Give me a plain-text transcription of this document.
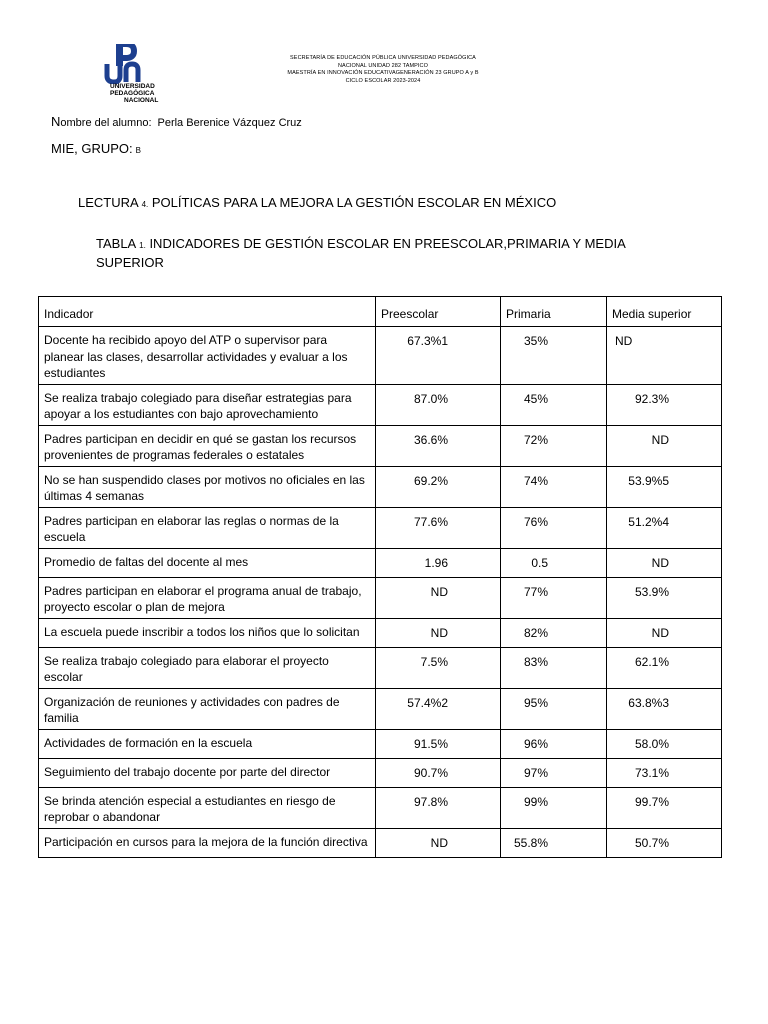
UNIVERSIDAD
PEDAGÓGICA
NACIONAL
SECRETARÍA DE EDUCACIÓN PÚBLICA UNIVERSIDAD PEDAGÓGICA
NACIONAL UNIDAD 282 TAMPICO
MAESTRÍA EN INNOVACIÓN EDUCATIVAGENERACIÓN 23 GRUPO A y B
CICLO ESCOLAR 2023-2024
Nombre del alumno: Perla Berenice Vázquez Cruz
MIE, GRUPO: B
LECTURA 4. POLÍTICAS PARA LA MEJORA LA GESTIÓN ESCOLAR EN MÉXICO
TABLA 1. INDICADORES DE GESTIÓN ESCOLAR EN PREESCOLAR,PRIMARIA Y MEDIA SUPERIOR
Indicador	Preescolar	Primaria	Media superior
Docente ha recibido apoyo del ATP o supervisor para planear las clases, desarrollar actividades y evaluar a los estudiantes	67.3%1	35%	ND
Se realiza trabajo colegiado para diseñar estrategias para apoyar a los estudiantes con bajo aprovechamiento	87.0%	45%	92.3%
Padres participan en decidir en qué se gastan los recursos provenientes de programas federales o estatales	36.6%	72%	ND
No se han suspendido clases por motivos no oficiales en las últimas 4 semanas	69.2%	74%	53.9%5
Padres participan en elaborar las reglas o normas de la escuela	77.6%	76%	51.2%4
Promedio de faltas del docente al mes	1.96	0.5	ND
Padres participan en elaborar el programa anual de trabajo, proyecto escolar o plan de mejora	ND	77%	53.9%
La escuela puede inscribir a todos los niños que lo solicitan	ND	82%	ND
Se realiza trabajo colegiado para elaborar el proyecto escolar	7.5%	83%	62.1%
Organización de reuniones y actividades con padres de familia	57.4%2	95%	63.8%3
Actividades de formación en la escuela	91.5%	96%	58.0%
Seguimiento del trabajo docente por parte del director	90.7%	97%	73.1%
Se brinda atención especial a estudiantes en riesgo de reprobar o abandonar	97.8%	99%	99.7%
Participación en cursos para la mejora de la función directiva	ND	55.8%	50.7%
